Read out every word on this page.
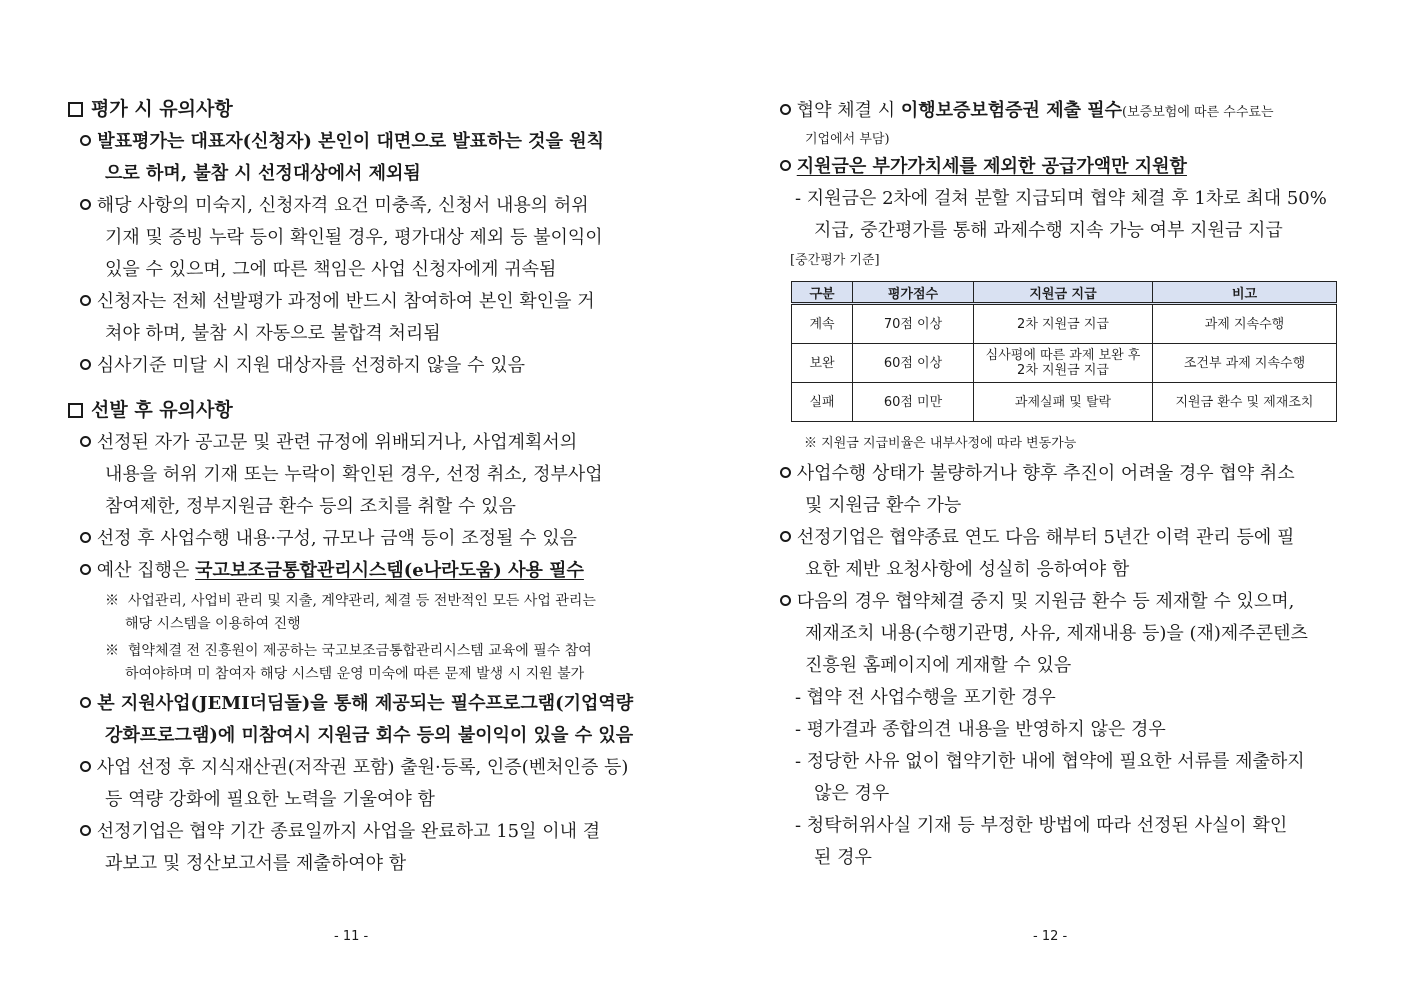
평가 시 유의사항
발표평가는 대표자(신청자) 본인이 대면으로 발표하는 것을 원칙
으로 하며, 불참 시 선정대상에서 제외됨
해당 사항의 미숙지, 신청자격 요건 미충족, 신청서 내용의 허위
기재 및 증빙 누락 등이 확인될 경우, 평가대상 제외 등 불이익이
있을 수 있으며, 그에 따른 책임은 사업 신청자에게 귀속됨
신청자는 전체 선발평가 과정에 반드시 참여하여 본인 확인을 거
쳐야 하며, 불참 시 자동으로 불합격 처리됨
심사기준 미달 시 지원 대상자를 선정하지 않을 수 있음
선발 후 유의사항
선정된 자가 공고문 및 관련 규정에 위배되거나, 사업계획서의
내용을 허위 기재 또는 누락이 확인된 경우, 선정 취소, 정부사업
참여제한, 정부지원금 환수 등의 조치를 취할 수 있음
선정 후 사업수행 내용·구성, 규모나 금액 등이 조정될 수 있음
예산 집행은 국고보조금통합관리시스템(e나라도움) 사용 필수
※ 사업관리, 사업비 관리 및 지출, 계약관리, 체결 등 전반적인 모든 사업 관리는
해당 시스템을 이용하여 진행
※ 협약체결 전 진흥원이 제공하는 국고보조금통합관리시스템 교육에 필수 참여
하여야하며 미 참여자 해당 시스템 운영 미숙에 따른 문제 발생 시 지원 불가
본 지원사업(JEMI더딤돌)을 통해 제공되는 필수프로그램(기업역량
강화프로그램)에 미참여시 지원금 회수 등의 불이익이 있을 수 있음
사업 선정 후 지식재산권(저작권 포함) 출원·등록, 인증(벤처인증 등)
등 역량 강화에 필요한 노력을 기울여야 함
선정기업은 협약 기간 종료일까지 사업을 완료하고 15일 이내 결
과보고 및 정산보고서를 제출하여야 함
- 11 -
협약 체결 시 이행보증보험증권 제출 필수(보증보험에 따른 수수료는
기업에서 부담)
지원금은 부가가치세를 제외한 공급가액만 지원함
- 지원금은 2차에 걸쳐 분할 지급되며 협약 체결 후 1차로 최대 50%
지급, 중간평가를 통해 과제수행 지속 가능 여부 지원금 지급
[중간평가 기준]
구분	평가점수	지원금 지급	비고
계속	70점 이상	2차 지원금 지급	과제 지속수행
보완	60점 이상	심사평에 따른 과제 보완 후 2차 지원금 지급	조건부 과제 지속수행
실패	60점 미만	과제실패 및 탈락	지원금 환수 및 제재조치
※ 지원금 지급비율은 내부사정에 따라 변동가능
사업수행 상태가 불량하거나 향후 추진이 어려울 경우 협약 취소
및 지원금 환수 가능
선정기업은 협약종료 연도 다음 해부터 5년간 이력 관리 등에 필
요한 제반 요청사항에 성실히 응하여야 함
다음의 경우 협약체결 중지 및 지원금 환수 등 제재할 수 있으며,
제재조치 내용(수행기관명, 사유, 제재내용 등)을 (재)제주콘텐츠
진흥원 홈페이지에 게재할 수 있음
- 협약 전 사업수행을 포기한 경우
- 평가결과 종합의견 내용을 반영하지 않은 경우
- 정당한 사유 없이 협약기한 내에 협약에 필요한 서류를 제출하지
않은 경우
- 청탁허위사실 기재 등 부정한 방법에 따라 선정된 사실이 확인
된 경우
- 12 -
